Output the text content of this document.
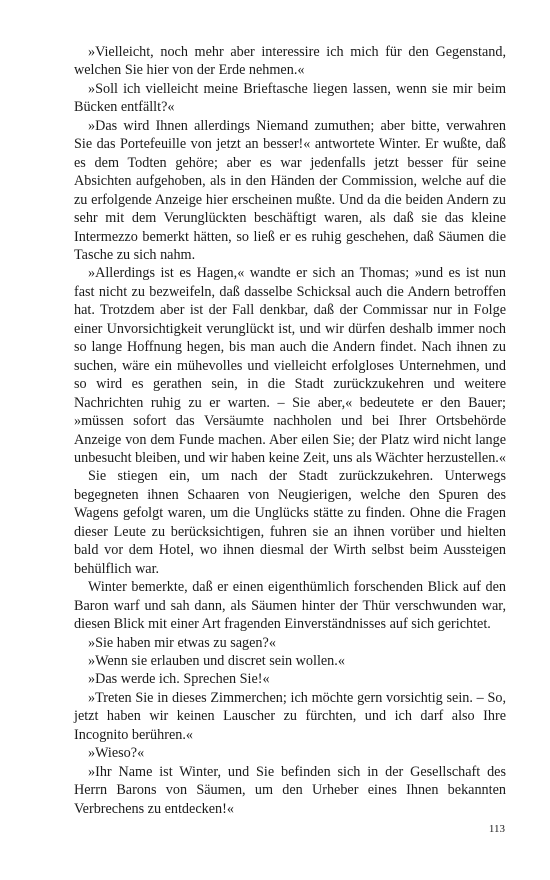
»Vielleicht, noch mehr aber interessire ich mich für den Gegenstand, welchen Sie hier von der Erde nehmen.«

»Soll ich vielleicht meine Brieftasche liegen lassen, wenn sie mir beim Bücken entfällt?«

»Das wird Ihnen allerdings Niemand zumuthen; aber bitte, verwahren Sie das Portefeuille von jetzt an besser!« antwortete Winter. Er wußte, daß es dem Todten gehöre; aber es war jedenfalls jetzt besser für seine Absichten aufgehoben, als in den Händen der Commission, welche auf die zu erfolgende Anzeige hier erscheinen mußte. Und da die beiden Andern zu sehr mit dem Verunglückten beschäftigt waren, als daß sie das kleine Intermezzo bemerkt hätten, so ließ er es ruhig geschehen, daß Säumen die Tasche zu sich nahm.

»Allerdings ist es Hagen,« wandte er sich an Thomas; »und es ist nun fast nicht zu bezweifeln, daß dasselbe Schicksal auch die Andern betroffen hat. Trotzdem aber ist der Fall denkbar, daß der Commissar nur in Folge einer Unvorsichtigkeit verunglückt ist, und wir dürfen deshalb immer noch so lange Hoffnung hegen, bis man auch die Andern findet. Nach ihnen zu suchen, wäre ein mühevolles und vielleicht erfolgloses Unternehmen, und so wird es gerathen sein, in die Stadt zurückzukehren und weitere Nachrichten ruhig zu er warten. – Sie aber,« bedeutete er den Bauer; »müssen sofort das Versäumte nachholen und bei Ihrer Ortsbehörde Anzeige von dem Funde machen. Aber eilen Sie; der Platz wird nicht lange unbesucht bleiben, und wir haben keine Zeit, uns als Wächter herzustellen.«

Sie stiegen ein, um nach der Stadt zurückzukehren. Unterwegs begegneten ihnen Schaaren von Neugierigen, welche den Spuren des Wagens gefolgt waren, um die Unglücks stätte zu finden. Ohne die Fragen dieser Leute zu berücksichtigen, fuhren sie an ihnen vorüber und hielten bald vor dem Hotel, wo ihnen diesmal der Wirth selbst beim Aussteigen behülflich war.

Winter bemerkte, daß er einen eigenthümlich forschenden Blick auf den Baron warf und sah dann, als Säumen hinter der Thür verschwunden war, diesen Blick mit einer Art fragenden Einverständnisses auf sich gerichtet.

»Sie haben mir etwas zu sagen?«

»Wenn sie erlauben und discret sein wollen.«

»Das werde ich. Sprechen Sie!«

»Treten Sie in dieses Zimmerchen; ich möchte gern vorsichtig sein. – So, jetzt haben wir keinen Lauscher zu fürchten, und ich darf also Ihre Incognito berühren.«

»Wieso?«

»Ihr Name ist Winter, und Sie befinden sich in der Gesellschaft des Herrn Barons von Säumen, um den Urheber eines Ihnen bekannten Verbrechens zu entdecken!«

113
